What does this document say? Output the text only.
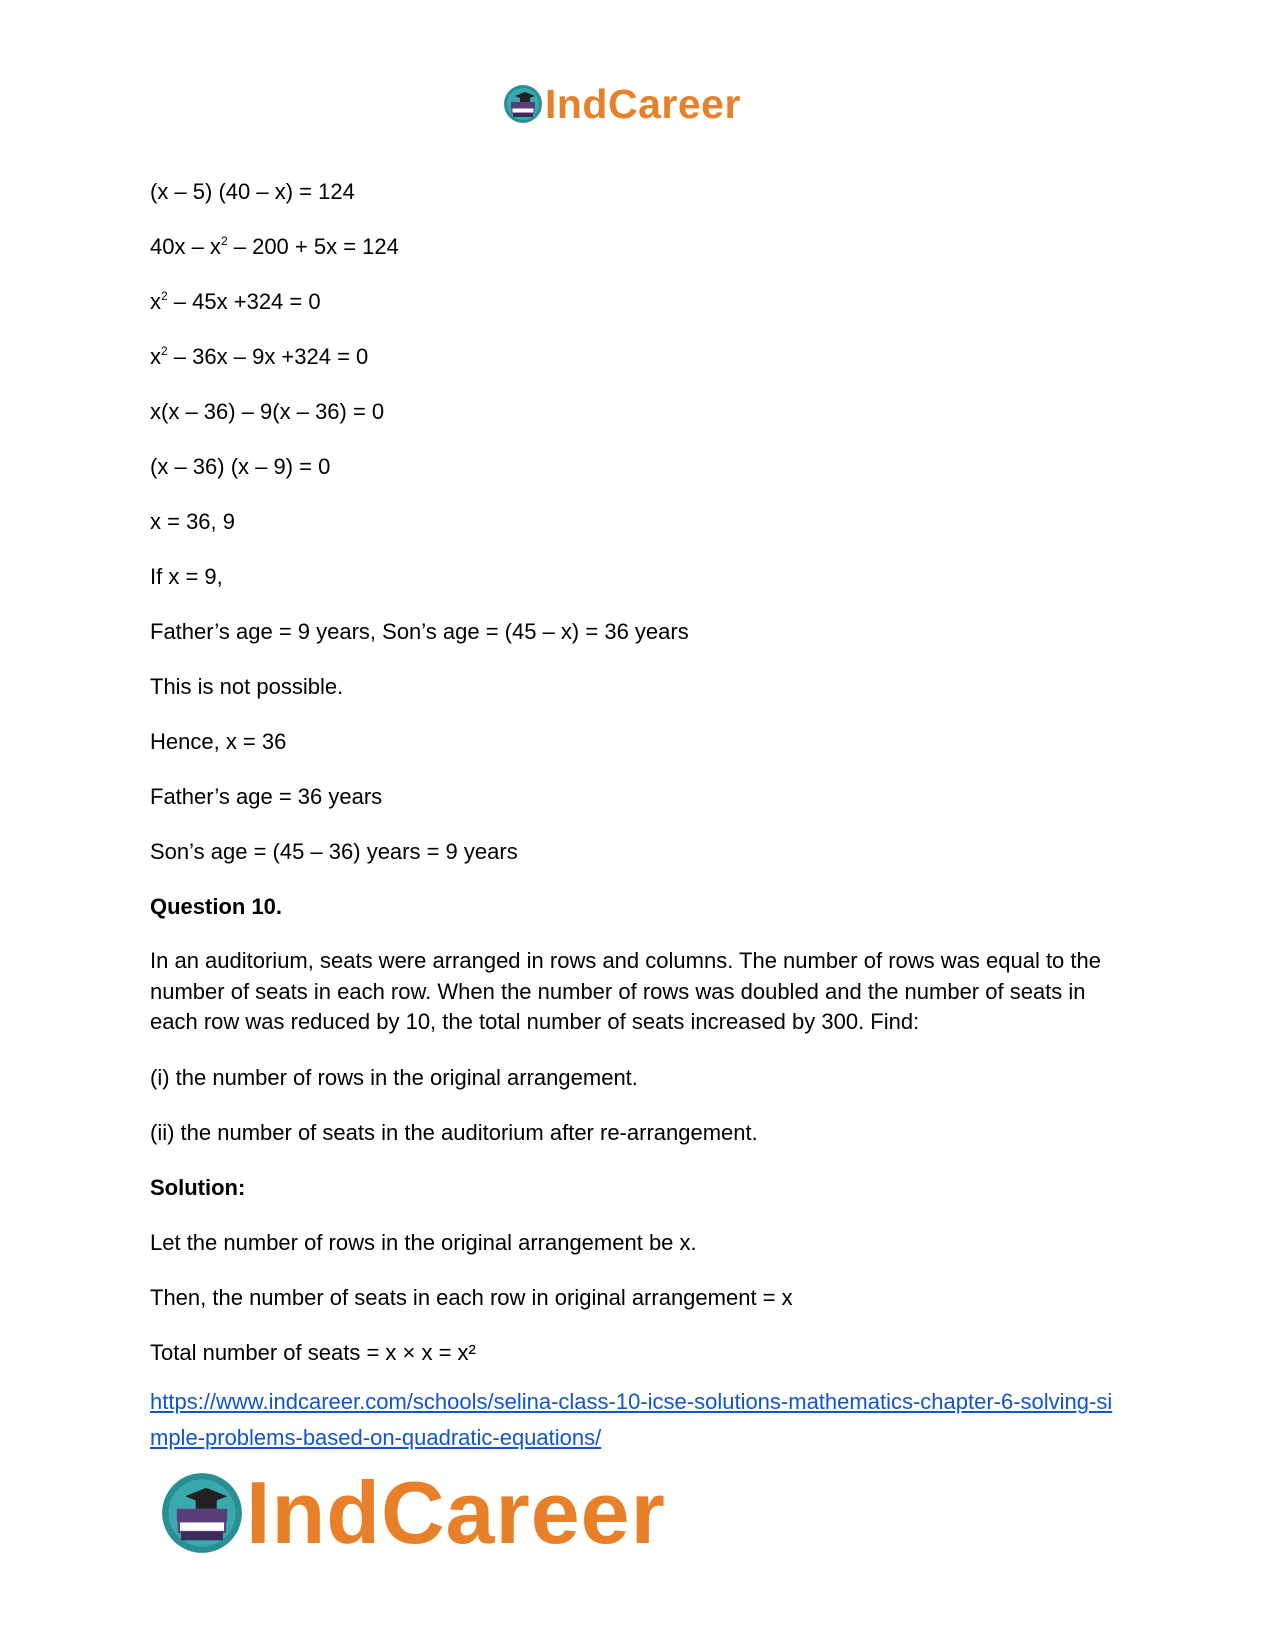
IndCareer

(x – 5) (40 – x) = 124

$40x - x^2 - 200 + 5x = 124$

$x^2 - 45x +324 = 0$

$x^2 - 36x - 9x +324 = 0$

x(x – 36) – 9(x – 36) = 0

(x – 36) (x – 9) = 0

x = 36, 9

If x = 9,

Father’s age = 9 years, Son’s age = (45 – x) = 36 years

This is not possible.

Hence, x = 36

Father’s age = 36 years

Son’s age = (45 – 36) years = 9 years

Question 10.

In an auditorium, seats were arranged in rows and columns. The number of rows was equal to the number of seats in each row. When the number of rows was doubled and the number of seats in each row was reduced by 10, the total number of seats increased by 300. Find:

(i) the number of rows in the original arrangement.

(ii) the number of seats in the auditorium after re-arrangement.

Solution:

Let the number of rows in the original arrangement be x.

Then, the number of seats in each row in original arrangement = x

Total number of seats = x × x = x²

https://www.indcareer.com/schools/selina-class-10-icse-solutions-mathematics-chapter-6-solving-simple-problems-based-on-quadratic-equations/
IndCareer
